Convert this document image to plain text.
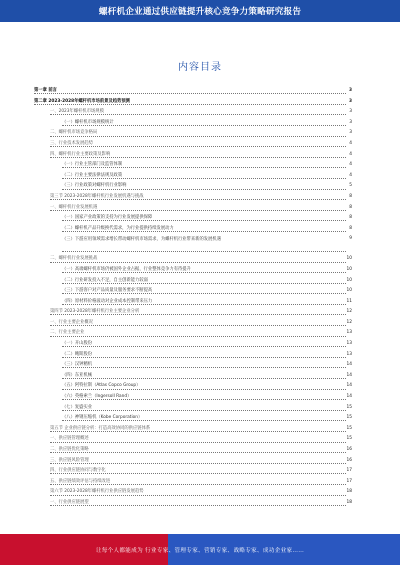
螺杆机企业通过供应链提升核心竞争力策略研究报告
内容目录
第一章 前言	3
第二章 2023-2028年螺杆机市场前景及趋势预测	3
一、2023年螺杆机市场规模	3
（一）螺杆机市场规模统计	3
二、螺杆机市场竞争格局	3
三、行业技术发展趋势	4
四、螺杆机行业主要政策及影响	4
（一）行业主管部门及监管体制	4
（二）行业主要法律法规及政策	4
（三）行业政策对螺杆机行业影响	5
第三节 2023-2028年螺杆机行业发展机遇与挑战	8
一、螺杆机行业发展机遇	8
（一）国家产业政策的支持为行业发展提供保障	8
（二）螺杆机产品升级换代需求，为行业提供持续发展动力	8
（三）下游应用领域需求增长带动螺杆机市场需求，为螺杆机行业带来新的发展机遇	9
二、螺杆机行业发展挑战	10
（一）高端螺杆机市场仍被国外企业占据，行业整体竞争力有待提升	10
（二）行业研发投入不足，自主创新能力较弱	10
（三）下游客户对产品质量及服务要求不断提高	10
（四）原材料价格波动对企业成本控制带来压力	11
第四节 2023-2028年螺杆机行业主要企业分析	12
一、行业主要企业概况	12
二、行业主要企业	13
（一）开山股份	13
（二）鲍斯股份	13
（三）汉钟精机	14
（四）东亚机械	14
（五）阿特拉斯（Atlas Copco Group）	14
（六）英格索兰（Ingersoll Rand）	14
（七）复盛实业	15
（八）神钢压缩机（Kobe Corporation）	15
第五节 企业供应链分析：打造高效协同的供应链体系	15
一、供应链管理概述	15
二、供应链优化策略	16
三、供应链风险管理	16
四、行业供应链协同与数字化	17
五、供应链绩效评估与持续改进	17
第六节 2023-2028年螺杆机行业供应链发展趋势	18
一、行业供应链展望	18
让每个人都能成为 行业专家、管理专家、营销专家、战略专家、成功企业家……
